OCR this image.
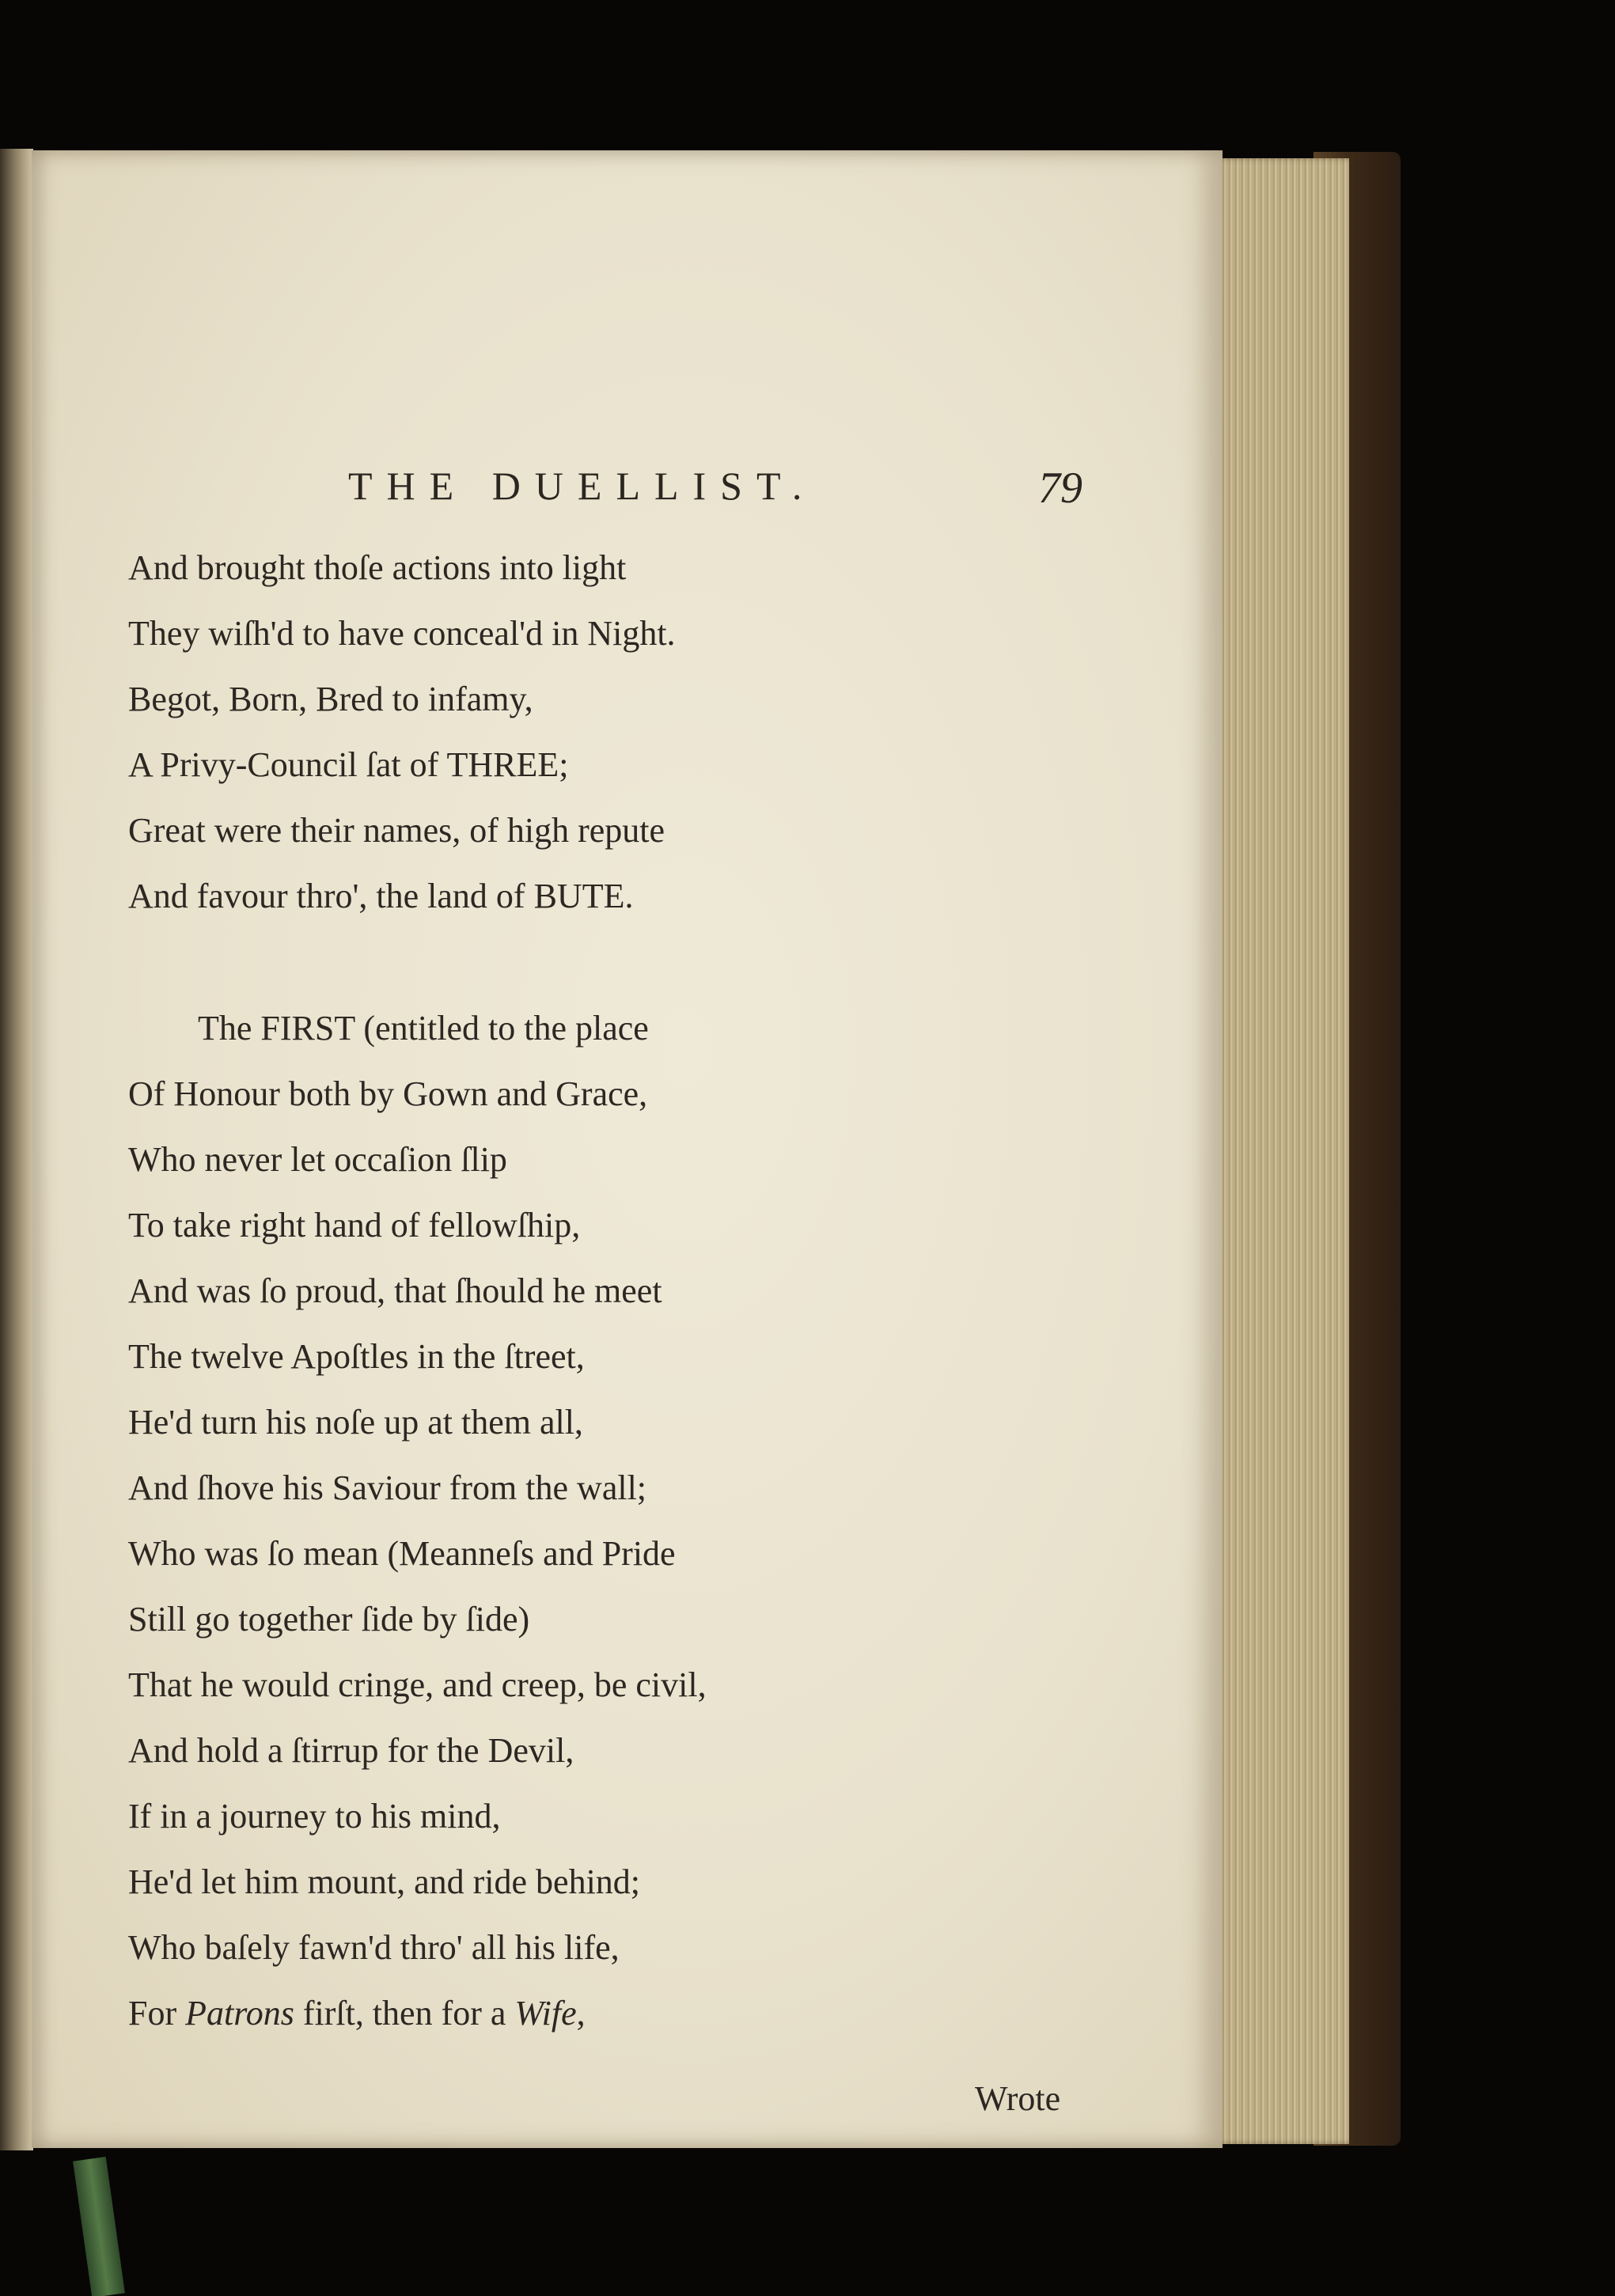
THE DUELLIST.	79
And brought thoſe actions into light
They wiſh'd to have conceal'd in Night.
Begot, Born, Bred to infamy,
A Privy-Council ſat of THREE;
Great were their names, of high repute
And favour thro', the land of BUTE.
The FIRST (entitled to the place
Of Honour both by Gown and Grace,
Who never let occaſion ſlip
To take right hand of fellowſhip,
And was ſo proud, that ſhould he meet
The twelve Apoſtles in the ſtreet,
He'd turn his noſe up at them all,
And ſhove his Saviour from the wall;
Who was ſo mean (Meanneſs and Pride
Still go together ſide by ſide)
That he would cringe, and creep, be civil,
And hold a ſtirrup for the Devil,
If in a journey to his mind,
He'd let him mount, and ride behind;
Who baſely fawn'd thro' all his life,
For Patrons firſt, then for a Wife,
Wrote
